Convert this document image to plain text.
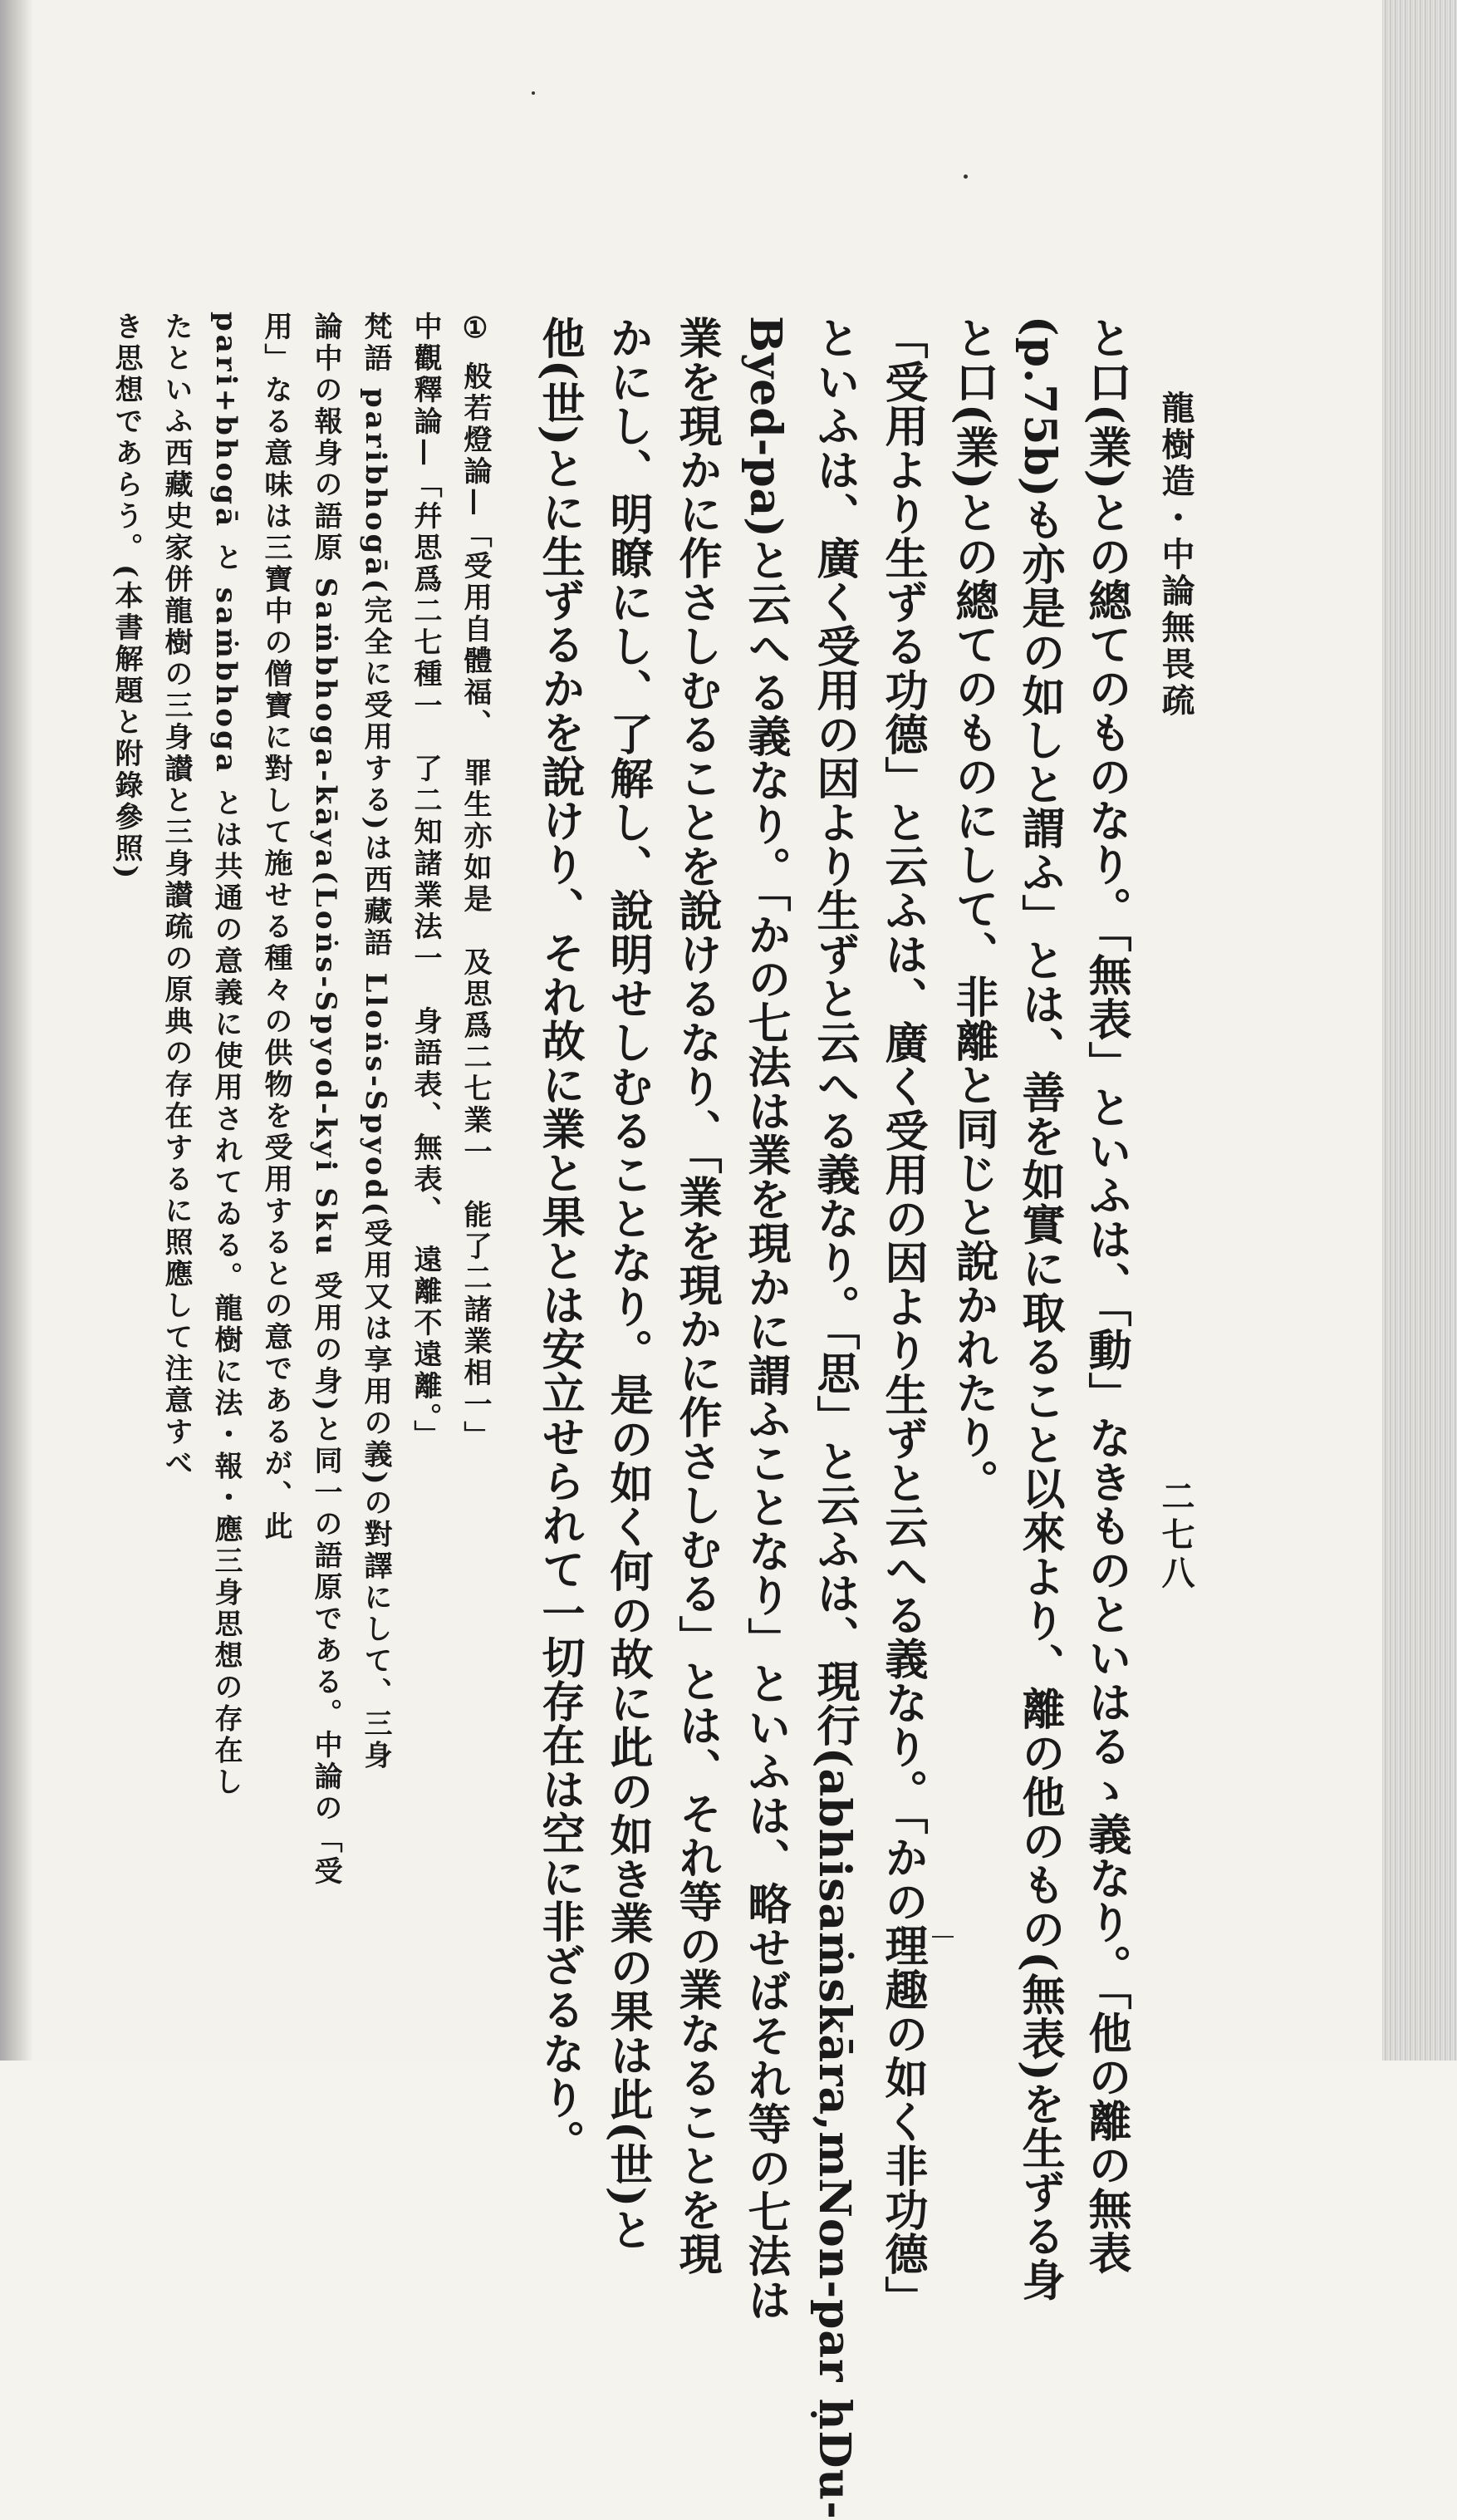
龍樹造・中論無畏疏
二七八
と口(業)との總てのものなり。「無表」といふは、「動」なきものといはるゝ義なり。「他の離の無表
(p.75b)も亦是の如しと謂ふ」とは、善を如實に取ること以來より、離の他のもの(無表)を生ずる身
と口(業)との總てのものにして、非離と同じと說かれたり。
「受用より生ずる功德」と云ふは、廣く受用の因より生ずと云へる義なり。「かの理趣の如く非功德」
といふは、廣く受用の因より生ずと云へる義なり。「思」と云ふは、現行(abhisaṁskāra,mNon-par ḥDu-
Byed-pa)と云へる義なり。「かの七法は業を現かに謂ふことなり」といふは、略せばそれ等の七法は
業を現かに作さしむることを說けるなり、「業を現かに作さしむる」とは、それ等の業なることを現
かにし、明瞭にし、了解し、說明せしむることなり。是の如く何の故に此の如き業の果は此(世)と
他(世)とに生ずるかを說けり、それ故に業と果とは安立せられて一切存在は空に非ざるなり。
① 般若燈論—「受用自體福、　罪生亦如是　及思爲二七業一　能了二諸業相一」
中觀釋論—「幷思爲二七種一　了二知諸業法一　身語表、無表、　遠離不遠離。」
梵語 paribhogā(完全に受用する)は西藏語 Lloṅs-Spyod(受用又は享用の義)の對譯にして、三身
論中の報身の語原 Saṁbhoga-kāya(Loṅs-Spyod-kyi Sku 受用の身)と同一の語原である。中論の「受
用」なる意味は三寶中の僧寶に對して施せる種々の供物を受用するとの意であるが、此
pari+bhogā と saṁbhoga とは共通の意義に使用されてゐる。龍樹に法・報・應三身思想の存在し
たといふ西藏史家併龍樹の三身讃と三身讃疏の原典の存在するに照應して注意すべ
き思想であらう。(本書解題と附錄參照)
